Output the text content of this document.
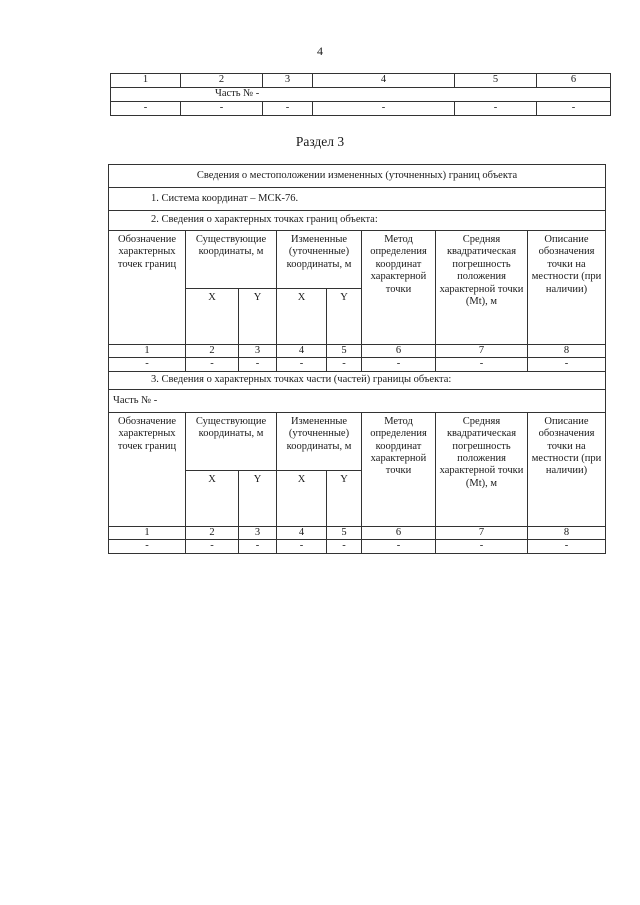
4
1	2	3	4	5	6
Часть № -					
-	-	-	-	-	-
Раздел 3
Сведения о местоположении измененных (уточненных) границ объекта							
1. Система координат – МСК-76.							
2. Сведения о характерных точках границ объекта:							
Обозначение характерных точек границ	Существующие координаты, м		Измененные (уточненные) координаты, м		Метод определения координат характерной точки	Средняя квадратическая погрешность положения характерной точки (Mt), м	Описание обозначения точки на местности (при наличии)
	X	Y	X	Y			
1	2	3	4	5	6	7	8
-	-	-	-	-	-	-	-
3. Сведения о характерных точках части (частей) границы объекта:							
Часть № -							
Обозначение характерных точек границ	Существующие координаты, м		Измененные (уточненные) координаты, м		Метод определения координат характерной точки	Средняя квадратическая погрешность положения характерной точки (Mt), м	Описание обозначения точки на местности (при наличии)
	X	Y	X	Y			
1	2	3	4	5	6	7	8
-	-	-	-	-	-	-	-
